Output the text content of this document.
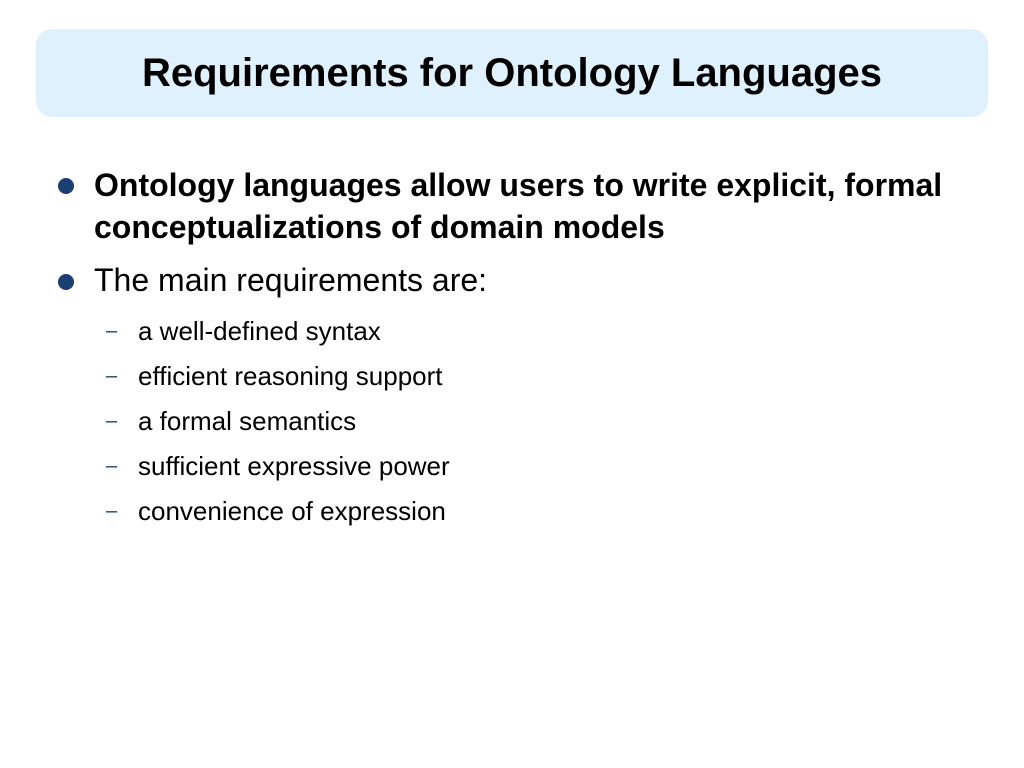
Requirements for Ontology Languages
Ontology languages allow users to write explicit, formal conceptualizations of domain models
The main requirements are:
– a well-defined syntax
– efficient reasoning support
– a formal semantics
– sufficient expressive power
– convenience of expression
